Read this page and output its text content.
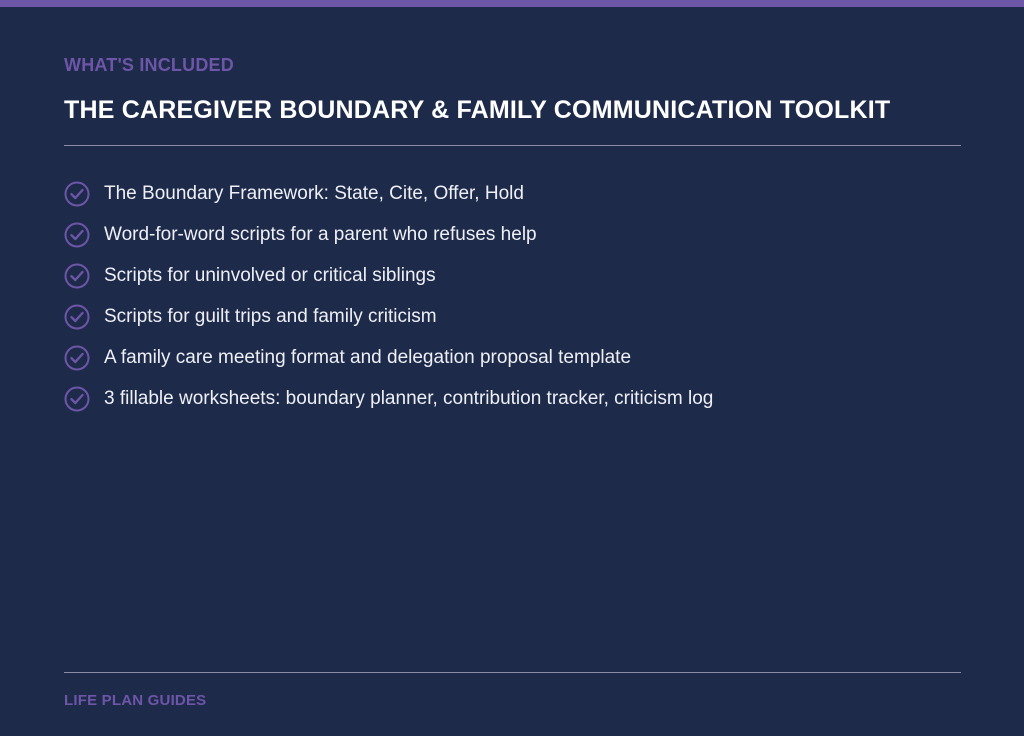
WHAT'S INCLUDED
THE CAREGIVER BOUNDARY & FAMILY COMMUNICATION TOOLKIT
The Boundary Framework: State, Cite, Offer, Hold
Word-for-word scripts for a parent who refuses help
Scripts for uninvolved or critical siblings
Scripts for guilt trips and family criticism
A family care meeting format and delegation proposal template
3 fillable worksheets: boundary planner, contribution tracker, criticism log
LIFE PLAN GUIDES
